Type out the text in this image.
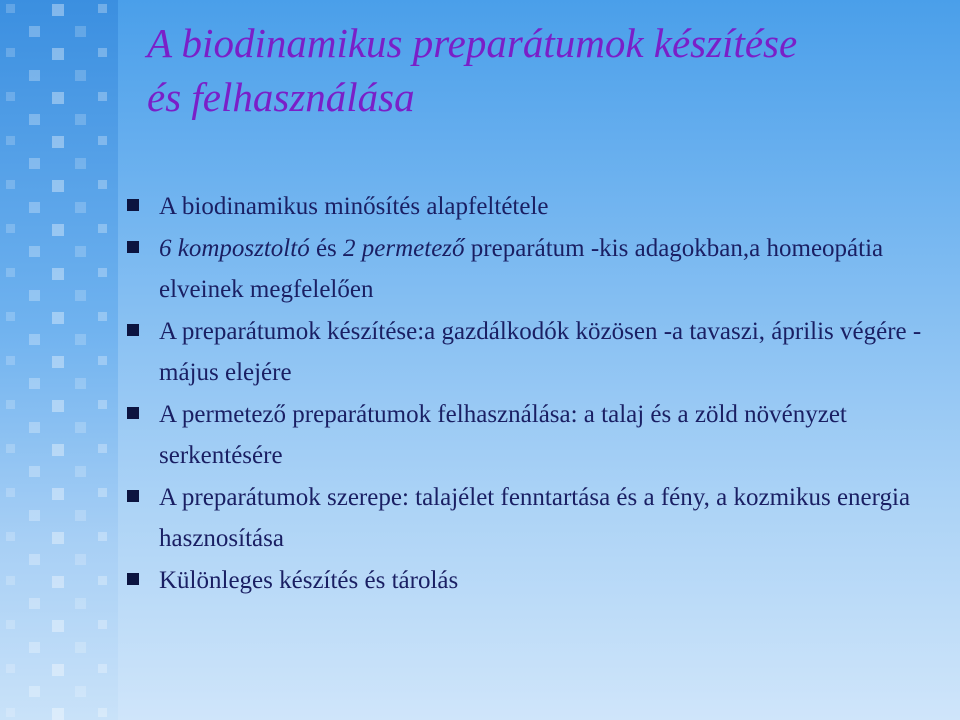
A biodinamikus preparátumok készítése
és felhasználása
A biodinamikus minősítés alapfeltétele
6 komposztoltó és 2 permetező preparátum -kis adagokban,a homeopátia elveinek megfelelően
A preparátumok készítése:a gazdálkodók közösen -a tavaszi, április végére -május elejére
A permetező preparátumok felhasználása: a talaj és a zöld növényzet serkentésére
A preparátumok szerepe: talajélet fenntartása és a fény, a kozmikus energia hasznosítása
Különleges készítés és tárolás
